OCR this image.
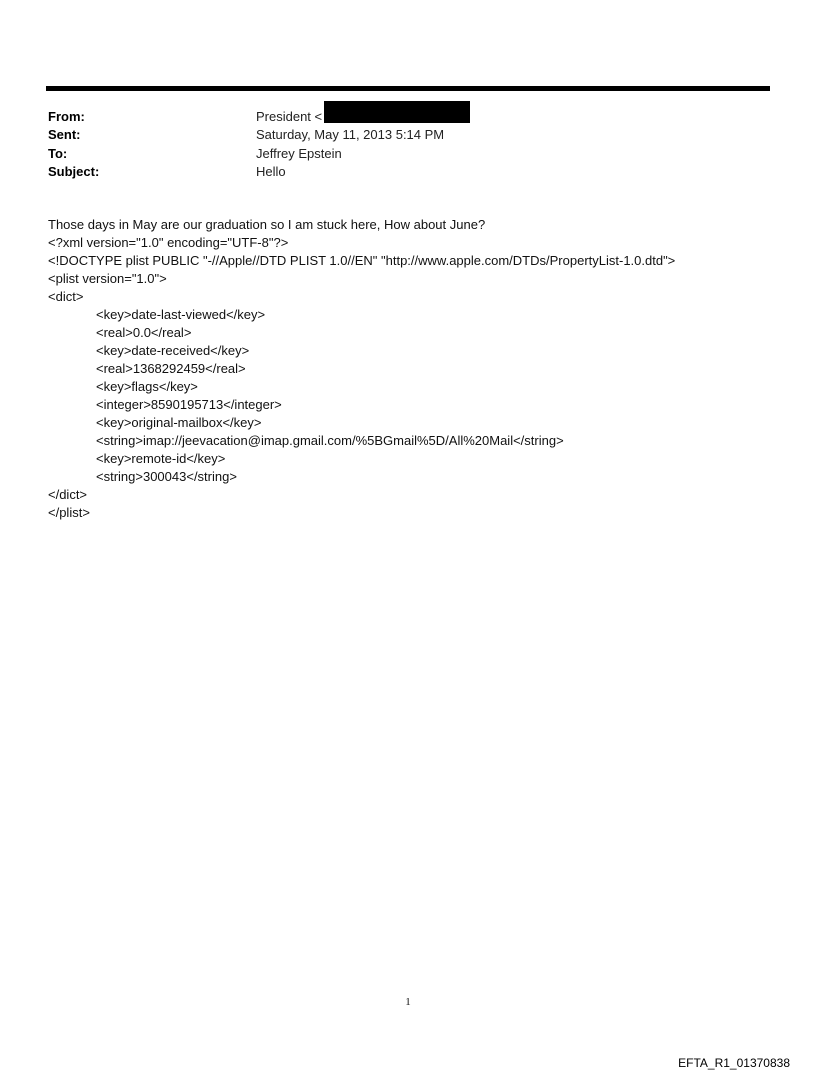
From:	President <
Sent:	Saturday, May 11, 2013 5:14 PM
To:	Jeffrey Epstein
Subject:	Hello
Those days in May are our graduation so I am stuck here, How about June?
<?xml version="1.0" encoding="UTF-8"?>
<!DOCTYPE plist PUBLIC "-//Apple//DTD PLIST 1.0//EN" "http://www.apple.com/DTDs/PropertyList-1.0.dtd">
<plist version="1.0">
<dict>
<key>date-last-viewed</key>
<real>0.0</real>
<key>date-received</key>
<real>1368292459</real>
<key>flags</key>
<integer>8590195713</integer>
<key>original-mailbox</key>
<string>imap://jeevacation@imap.gmail.com/%5BGmail%5D/All%20Mail</string>
<key>remote-id</key>
<string>300043</string>
</dict>
</plist>
1
EFTA_R1_01370838
